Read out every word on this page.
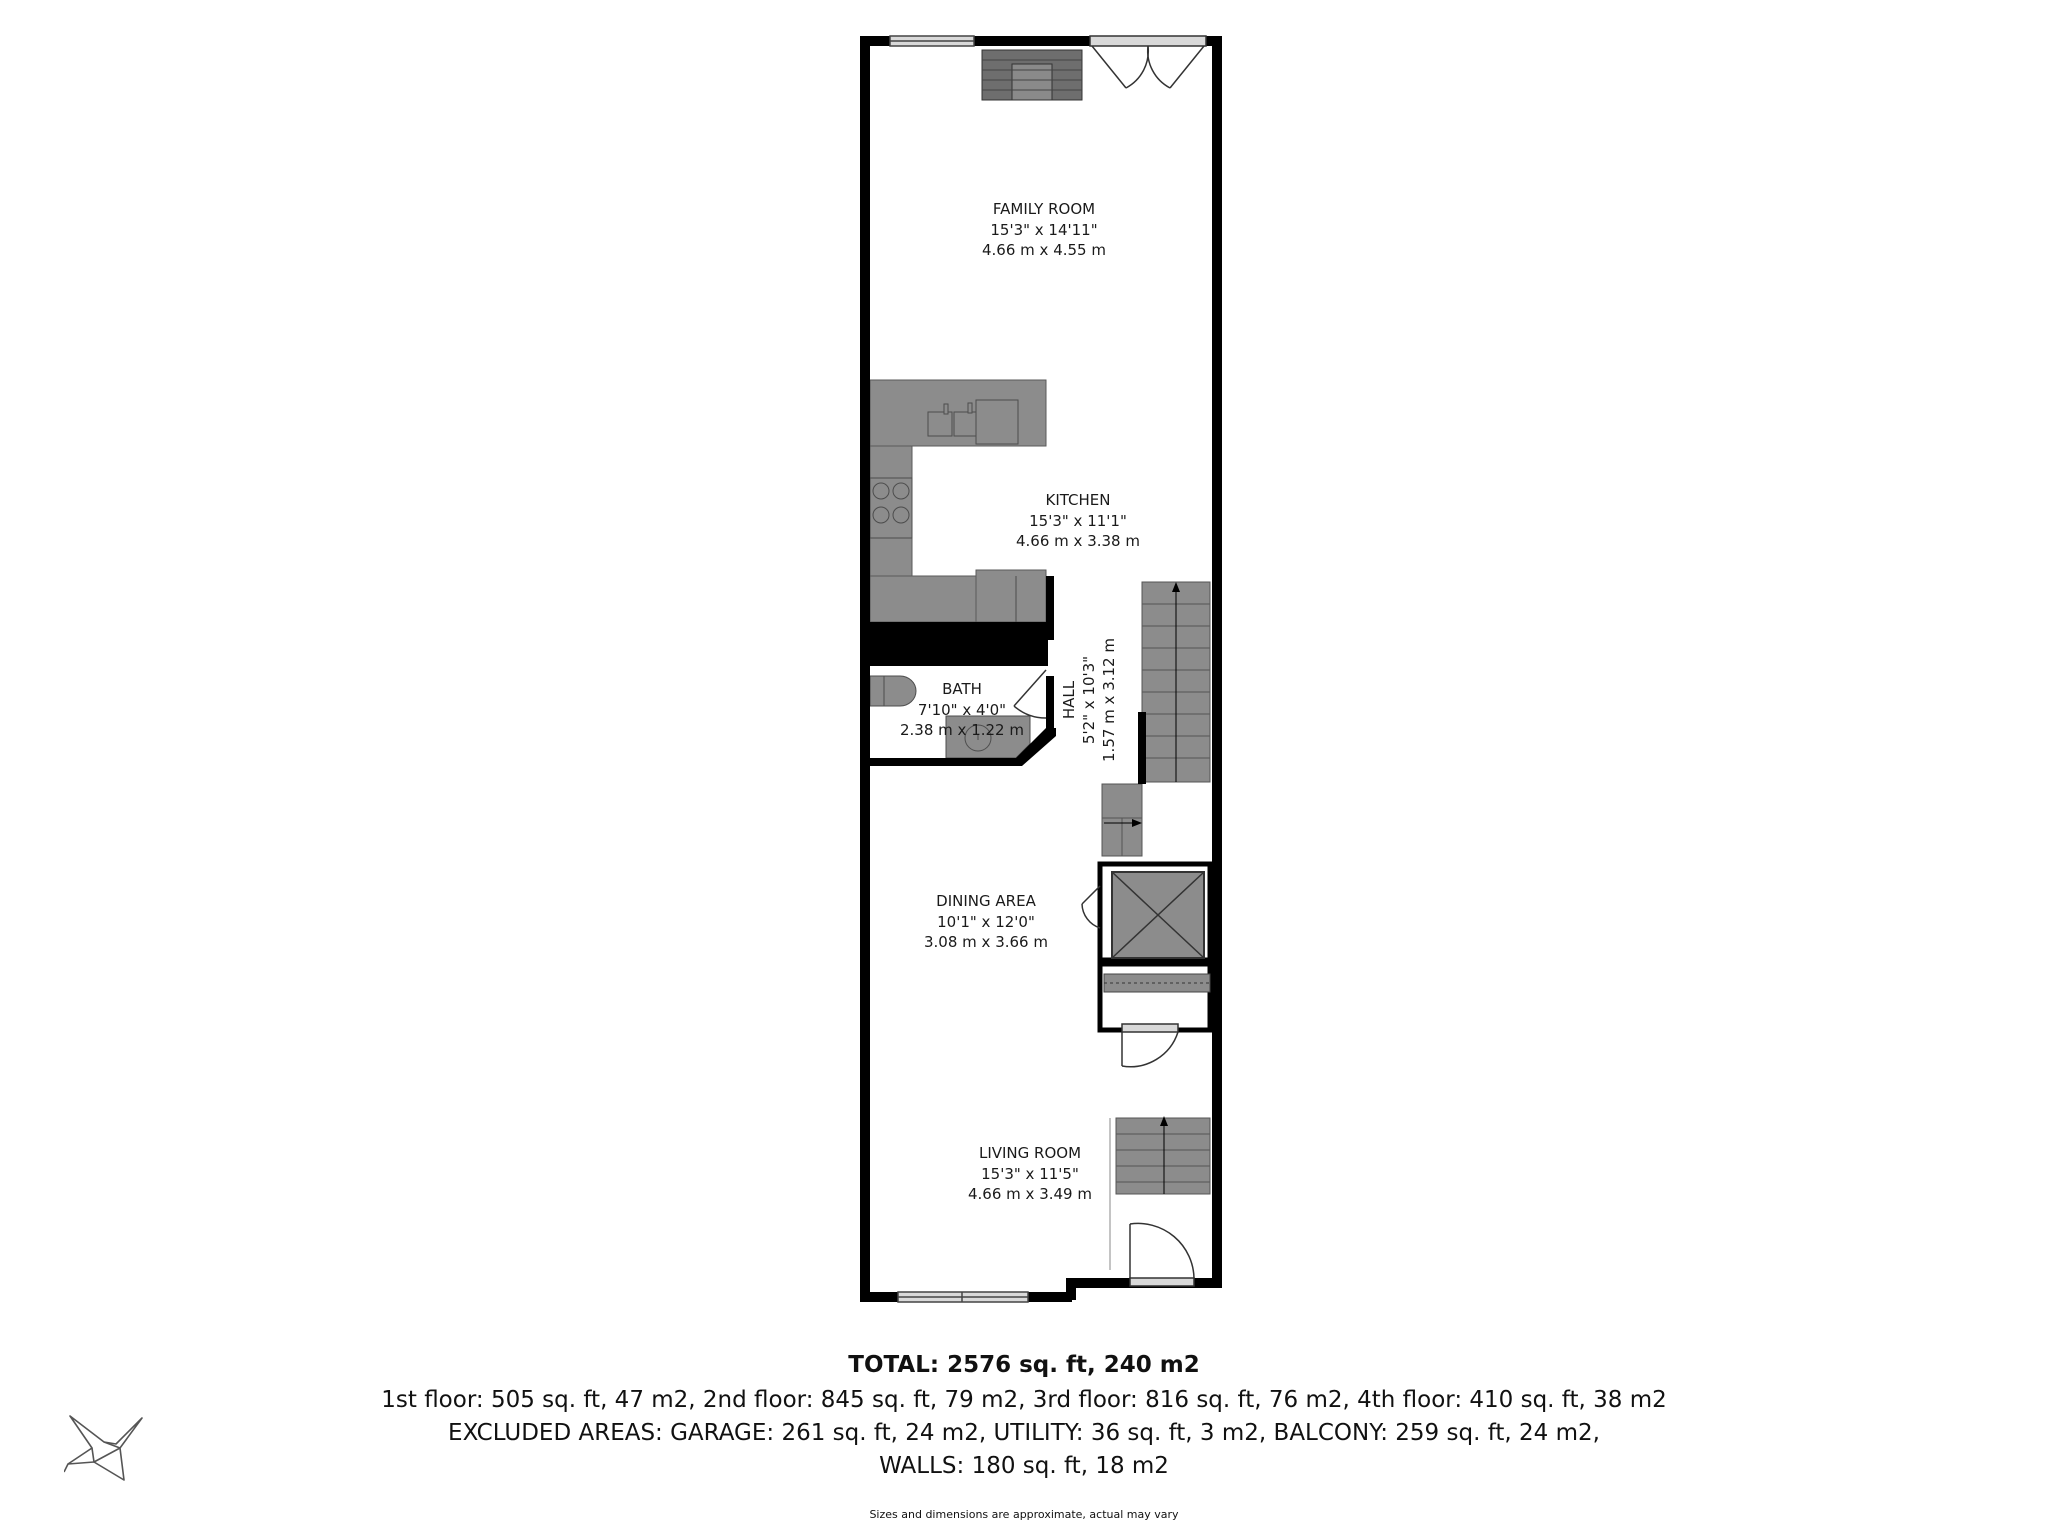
FAMILY ROOM
15'3" x 14'11"
4.66 m x 4.55 m
KITCHEN
15'3" x 11'1"
4.66 m x 3.38 m
BATH
7'10" x 4'0"
2.38 m x 1.22 m
HALL 5'2" x 10'3" 1.57 m x 3.12 m
DINING AREA
10'1" x 12'0"
3.08 m x 3.66 m
LIVING ROOM
15'3" x 11'5"
4.66 m x 3.49 m
TOTAL: 2576 sq. ft, 240 m2
1st floor: 505 sq. ft, 47 m2, 2nd floor: 845 sq. ft, 79 m2, 3rd floor: 816 sq. ft, 76 m2, 4th floor: 410 sq. ft, 38 m2
EXCLUDED AREAS: GARAGE: 261 sq. ft, 24 m2, UTILITY: 36 sq. ft, 3 m2, BALCONY: 259 sq. ft, 24 m2,
WALLS: 180 sq. ft, 18 m2
Sizes and dimensions are approximate, actual may vary
